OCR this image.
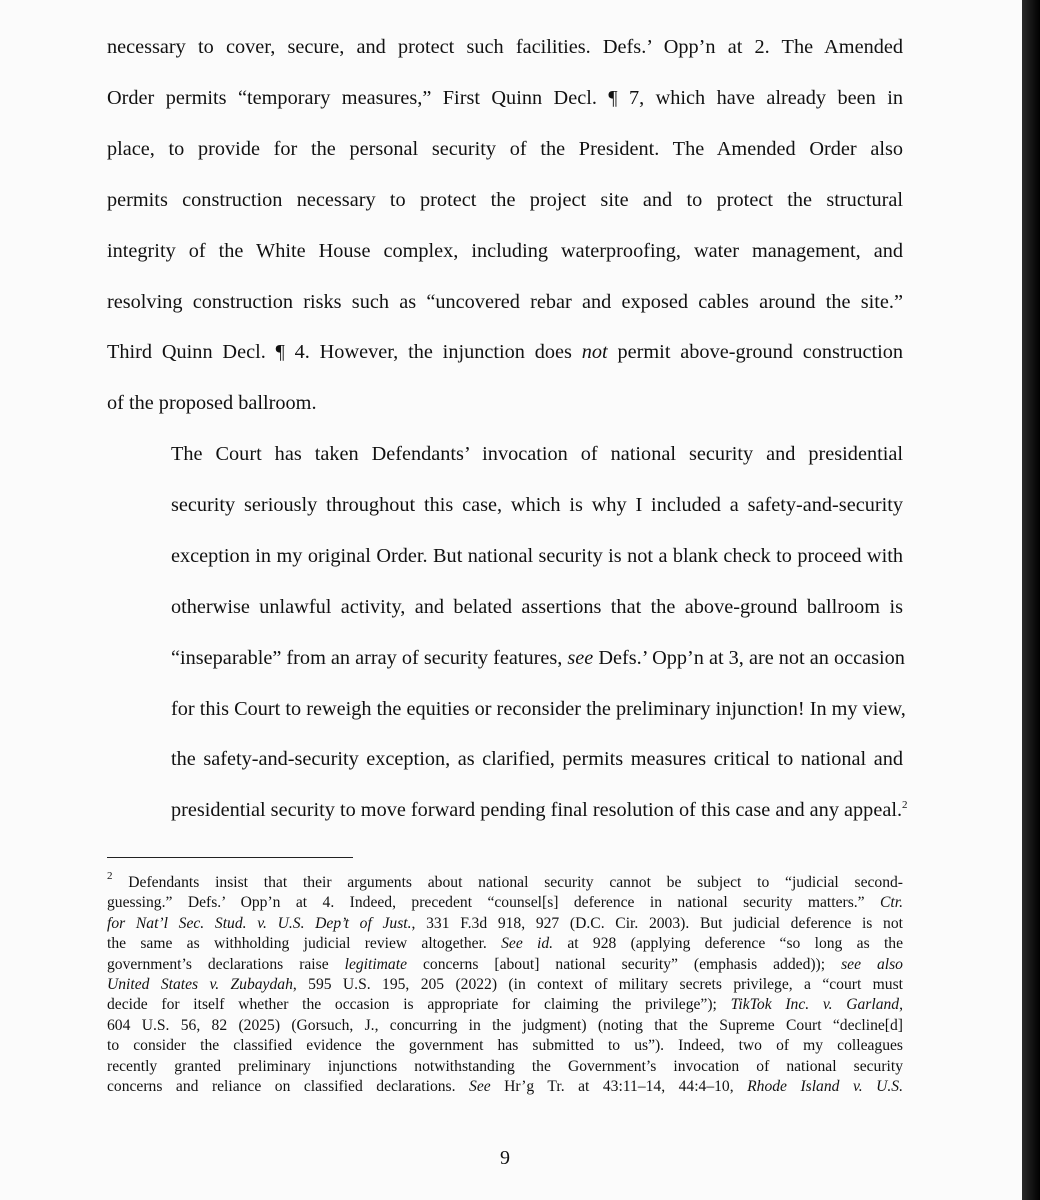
necessary to cover, secure, and protect such facilities. Defs.’ Opp’n at 2. The Amended
Order permits “temporary measures,” First Quinn Decl. ¶ 7, which have already been in
place, to provide for the personal security of the President. The Amended Order also
permits construction necessary to protect the project site and to protect the structural
integrity of the White House complex, including waterproofing, water management, and
resolving construction risks such as “uncovered rebar and exposed cables around the site.”
Third Quinn Decl. ¶ 4. However, the injunction does not permit above-ground construction
of the proposed ballroom.

The Court has taken Defendants’ invocation of national security and presidential
security seriously throughout this case, which is why I included a safety-and-security
exception in my original Order. But national security is not a blank check to proceed with
otherwise unlawful activity, and belated assertions that the above-ground ballroom is
“inseparable” from an array of security features, see Defs.’ Opp’n at 3, are not an occasion
for this Court to reweigh the equities or reconsider the preliminary injunction! In my view,
the safety-and-security exception, as clarified, permits measures critical to national and
presidential security to move forward pending final resolution of this case and any appeal.$^2$

$^2$ Defendants insist that their arguments about national security cannot be subject to “judicial second-
guessing.” Defs.’ Opp’n at 4. Indeed, precedent “counsel[s] deference in national security matters.” Ctr.
for Nat’l Sec. Stud. v. U.S. Dep’t of Just., 331 F.3d 918, 927 (D.C. Cir. 2003). But judicial deference is not
the same as withholding judicial review altogether. See id. at 928 (applying deference “so long as the
government’s declarations raise legitimate concerns [about] national security” (emphasis added)); see also
United States v. Zubaydah, 595 U.S. 195, 205 (2022) (in context of military secrets privilege, a “court must
decide for itself whether the occasion is appropriate for claiming the privilege”); TikTok Inc. v. Garland,
604 U.S. 56, 82 (2025) (Gorsuch, J., concurring in the judgment) (noting that the Supreme Court “decline[d]
to consider the classified evidence the government has submitted to us”). Indeed, two of my colleagues
recently granted preliminary injunctions notwithstanding the Government’s invocation of national security
concerns and reliance on classified declarations. See Hr’g Tr. at 43:11–14, 44:4–10, Rhode Island v. U.S.
9
